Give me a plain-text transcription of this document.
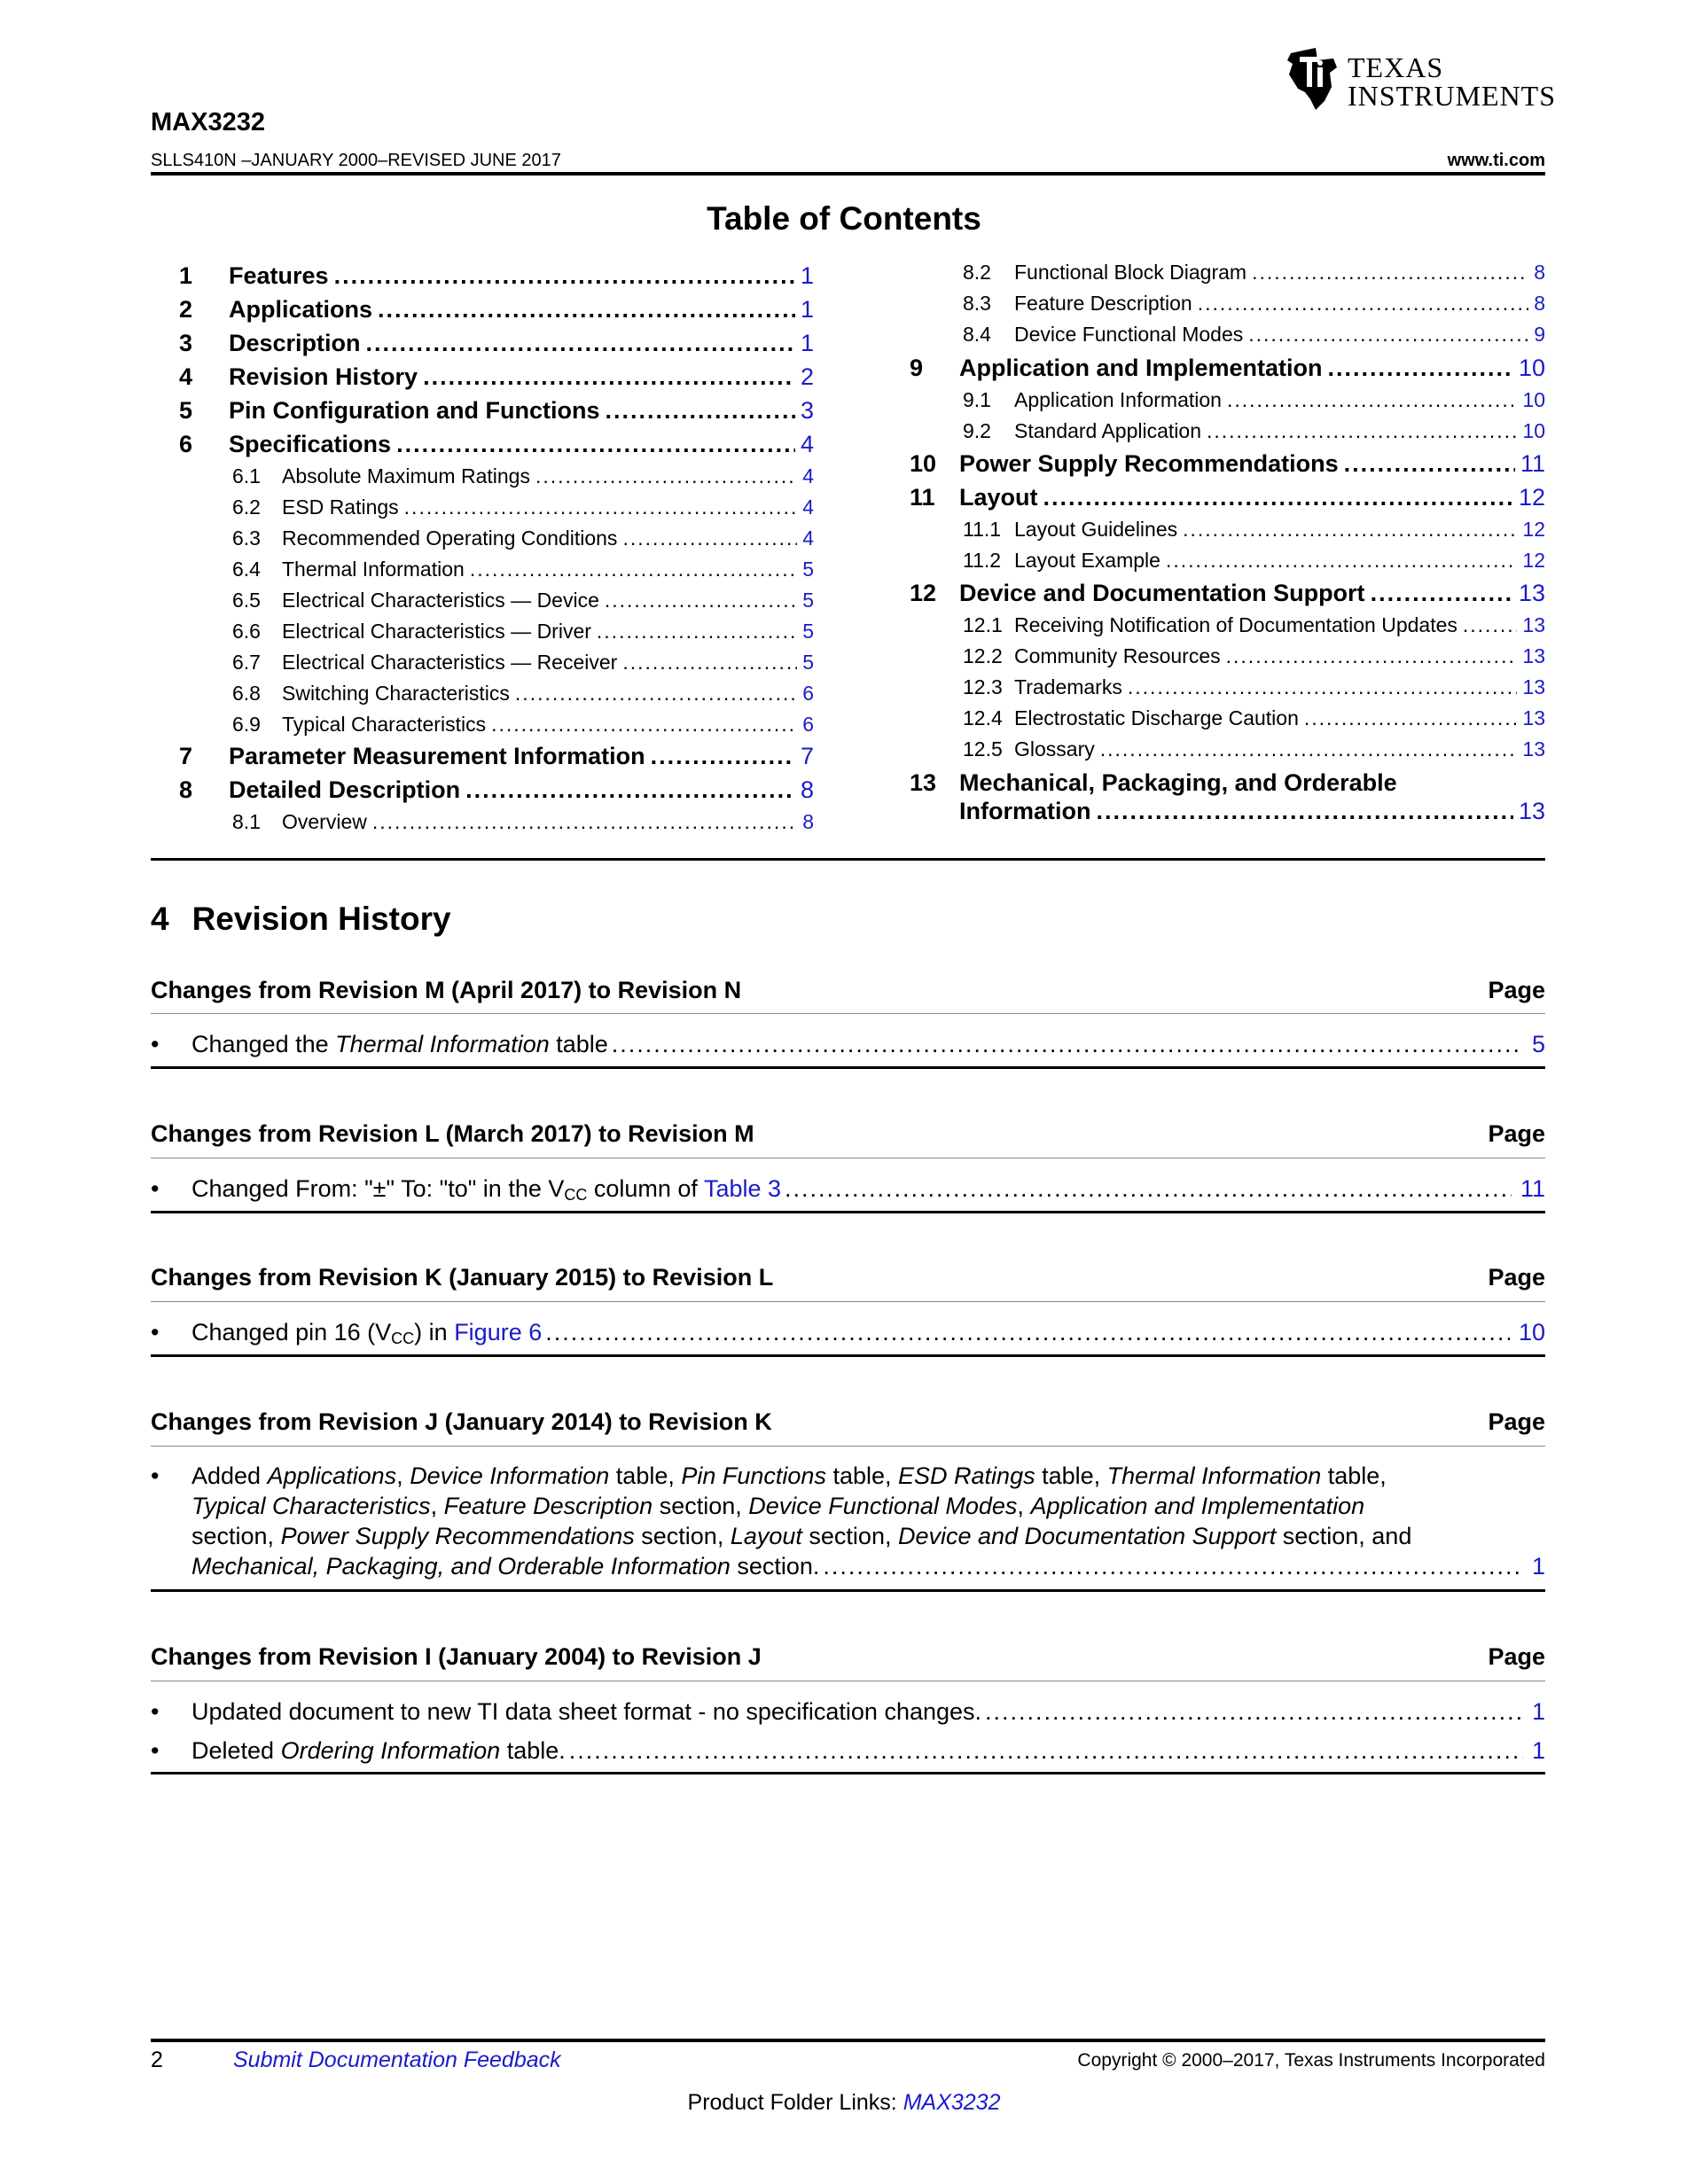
TEXAS
INSTRUMENTS
MAX3232
SLLS410N –JANUARY 2000–REVISED JUNE 2017	www.ti.com
Table of Contents
1	Features .....	1
2	Applications .....	1
3	Description .....	1
4	Revision History .....	2
5	Pin Configuration and Functions .....	3
6	Specifications .....	4
6.1	Absolute Maximum Ratings .....	4
6.2	ESD Ratings .....	4
6.3	Recommended Operating Conditions .....	4
6.4	Thermal Information .....	5
6.5	Electrical Characteristics — Device .....	5
6.6	Electrical Characteristics — Driver .....	5
6.7	Electrical Characteristics — Receiver .....	5
6.8	Switching Characteristics .....	6
6.9	Typical Characteristics .....	6
7	Parameter Measurement Information .....	7
8	Detailed Description .....	8
8.1	Overview .....	8
8.2	Functional Block Diagram .....	8
8.3	Feature Description .....	8
8.4	Device Functional Modes .....	9
9	Application and Implementation .....	10
9.1	Application Information .....	10
9.2	Standard Application .....	10
10 Power Supply Recommendations .....	11
11	Layout .....	12
11.1 Layout Guidelines .....	12
11.2 Layout Example .....	12
12 Device and Documentation Support .....	13
12.1 Receiving Notification of Documentation Updates .....	13
12.2 Community Resources .....	13
12.3 Trademarks .....	13
12.4 Electrostatic Discharge Caution .....	13
12.5 Glossary .....	13
13 Mechanical, Packaging, and Orderable
Information .....	13
4 Revision History
Changes from Revision M (April 2017) to Revision N	Page
• Changed the Thermal Information table .....	5
Changes from Revision L (March 2017) to Revision M	Page
• Changed From: "±" To: "to" in the $V_{CC}$ column of Table 3 .....	11
Changes from Revision K (January 2015) to Revision L	Page
• Changed pin 16 $(V_{CC})$ in Figure 6 .....	10
Changes from Revision J (January 2014) to Revision K	Page
• Added Applications, Device Information table, Pin Functions table, ESD Ratings table, Thermal Information table,
Typical Characteristics, Feature Description section, Device Functional Modes, Application and Implementation
section, Power Supply Recommendations section, Layout section, Device and Documentation Support section, and
Mechanical, Packaging, and Orderable Information section. .....	1
Changes from Revision I (January 2004) to Revision J	Page
• Updated document to new TI data sheet format - no specification changes. .....	1
• Deleted Ordering Information table. .....	1
2	Submit Documentation Feedback	Copyright © 2000–2017, Texas Instruments Incorporated
Product Folder Links: MAX3232
